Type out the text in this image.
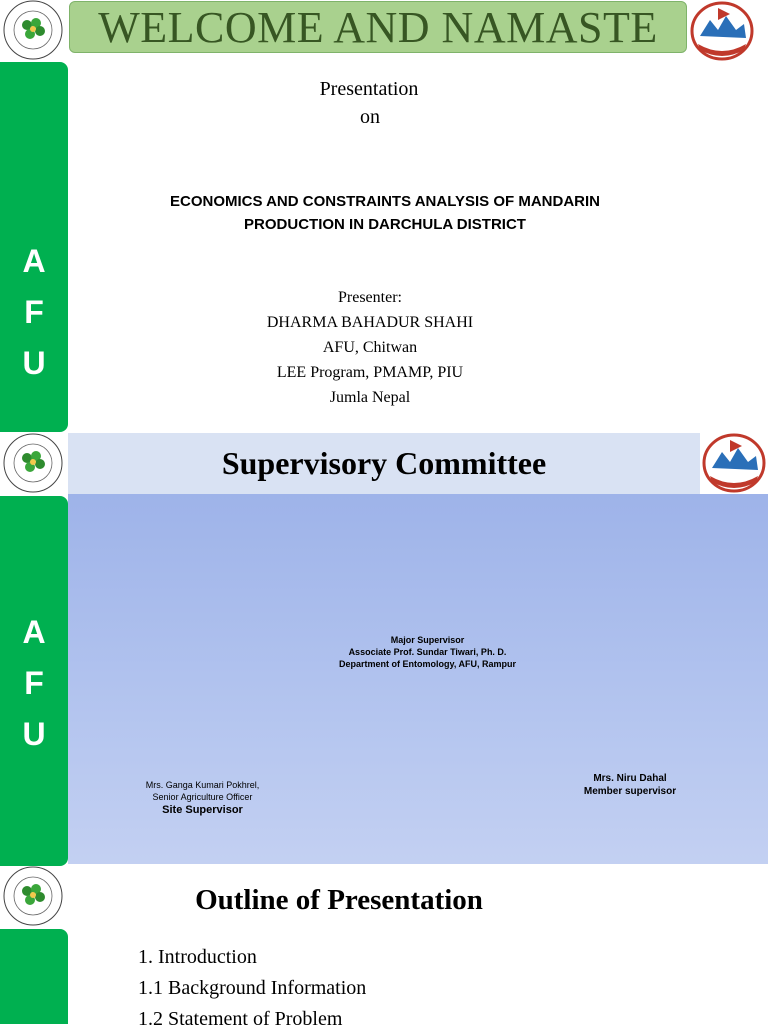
WELCOME AND NAMASTE
A
F
U
Presentation
on
ECONOMICS AND CONSTRAINTS ANALYSIS OF MANDARIN
PRODUCTION IN DARCHULA DISTRICT
Presenter:
DHARMA BAHADUR SHAHI
AFU, Chitwan
LEE Program, PMAMP, PIU
Jumla Nepal
Supervisory Committee
A
F
U
Major Supervisor
Associate Prof. Sundar Tiwari, Ph. D.
Department of Entomology, AFU, Rampur
Mrs. Ganga Kumari Pokhrel,
Senior Agriculture Officer
Site Supervisor
Mrs. Niru Dahal
Member supervisor
Outline of Presentation
1. Introduction
1.1 Background Information
1.2 Statement of Problem
